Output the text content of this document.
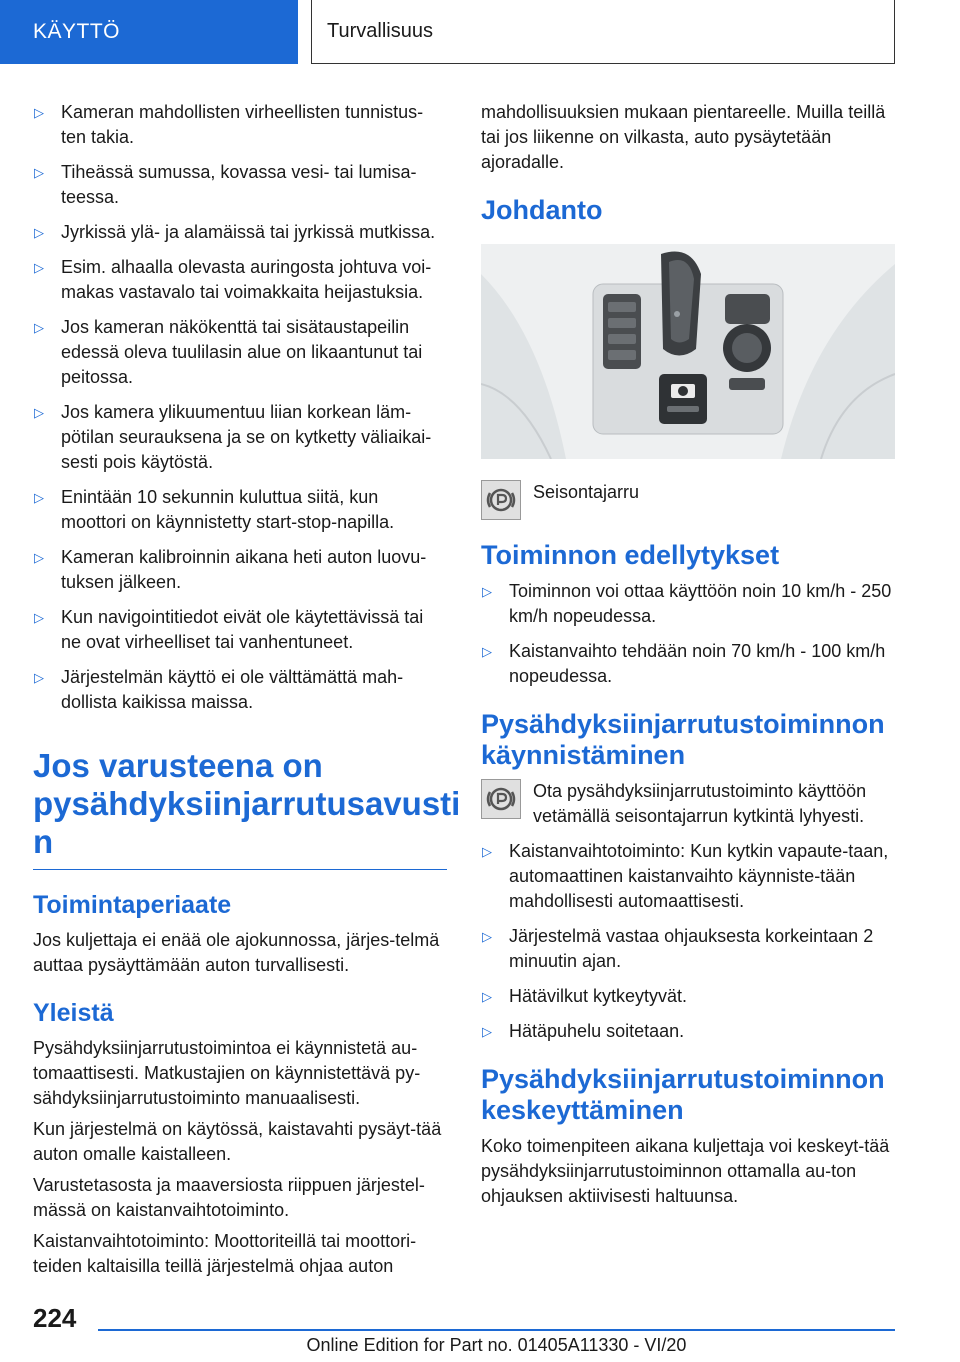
KÄYTTÖ	Turvallisuus
▷ Kameran mahdollisten virheellisten tunnistus-ten takia.
▷ Tiheässä sumussa, kovassa vesi- tai lumisa-teessa.
▷ Jyrkissä ylä- ja alamäissä tai jyrkissä mutkissa.
▷ Esim. alhaalla olevasta auringosta johtuva voi-makas vastavalo tai voimakkaita heijastuksia.
▷ Jos kameran näkökenttä tai sisätaustapeilin edessä oleva tuulilasin alue on likaantunut tai peitossa.
▷ Jos kamera ylikuumentuu liian korkean läm-pötilan seurauksena ja se on kytketty väliaikai-sesti pois käytöstä.
▷ Enintään 10 sekunnin kuluttua siitä, kun moottori on käynnistetty start-stop-napilla.
▷ Kameran kalibroinnin aikana heti auton luovu-tuksen jälkeen.
▷ Kun navigointitiedot eivät ole käytettävissä tai ne ovat virheelliset tai vanhentuneet.
▷ Järjestelmän käyttö ei ole välttämättä mah-dollista kaikissa maissa.
Jos varusteena on pysähdyksiinjarrutusavusti n
Toimintaperiaate

Jos kuljettaja ei enää ole ajokunnossa, järjes-telmä auttaa pysäyttämään auton turvallisesti.

Yleistä

Pysähdyksiinjarrutustoimintoa ei käynnistetä au-tomaattisesti. Matkustajien on käynnistettävä py-sähdyksiinjarrutustoiminto manuaalisesti.

Kun järjestelmä on käytössä, kaistavahti pysäyt-tää auton omalle kaistalleen.

Varustetasosta ja maaversiosta riippuen järjestel-mässä on kaistanvaihtotoiminto.

Kaistanvaihtotoiminto: Moottoriteillä tai moottori-teiden kaltaisilla teillä järjestelmä ohjaa auton

mahdollisuuksien mukaan pientareelle. Muilla teillä tai jos liikenne on vilkasta, auto pysäytetään ajoradalle.

Johdanto
Seisontajarru
Toiminnon edellytykset
▷ Toiminnon voi ottaa käyttöön noin 10 km/h - 250 km/h nopeudessa.
▷ Kaistanvaihto tehdään noin 70 km/h - 100 km/h nopeudessa.
Pysähdyksiinjarrutustoiminnon käynnistäminen
Ota pysähdyksiinjarrutustoiminto käyttöön vetämällä seisontajarrun kytkintä lyhyesti.
▷ Kaistanvaihtotoiminto: Kun kytkin vapaute-taan, automaattinen kaistanvaihto käynniste-tään mahdollisesti automaattisesti.
▷ Järjestelmä vastaa ohjauksesta korkeintaan 2 minuutin ajan.
▷ Hätävilkut kytkeytyvät.
▷ Hätäpuhelu soitetaan.
Pysähdyksiinjarrutustoiminnon keskeyttäminen

Koko toimenpiteen aikana kuljettaja voi keskeyt-tää pysähdyksiinjarrutustoiminnon ottamalla au-ton ohjauksen aktiivisesti haltuunsa.

224
Online Edition for Part no. 01405A11330 - VI/20
